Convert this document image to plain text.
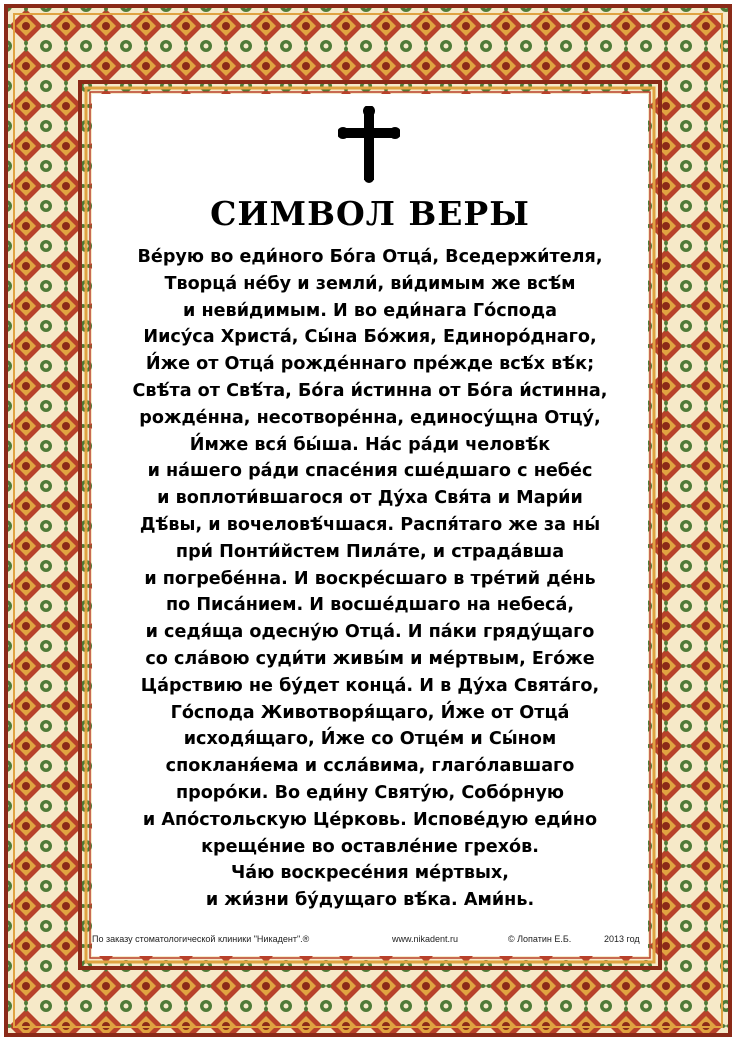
СИМВОЛ ВЕРЫ
Ве́рую во еди́ного Бо́га Отца́, Вседержи́теля,
Творца́ не́бу и земли́, ви́димым же всѣ́м
и неви́димым. И во еди́нага Го́спода
Иису́са Христа́, Сы́на Бо́жия, Единоро́днаго,
И́же от Отца́ рожде́ннаго пре́жде всѣ́х вѣ́к;
Свѣ́та от Свѣ́та, Бо́га и́стинна от Бо́га и́стинна,
рожде́нна, несотворе́нна, единосу́щна Отцу́,
И́мже вся́ бы́ша. На́с ра́ди человѣ́к
и на́шего ра́ди спасе́ния сше́дшаго с небе́с
и воплоти́вшагося от Ду́ха Свя́та и Мари́и
Дѣ́вы, и вочеловѣ́чшася. Распя́таго же за ны́
при́ Понти́йстем Пила́те, и страда́вша
и погребе́нна. И воскре́сшаго в тре́тий де́нь
по Писа́нием. И восше́дшаго на небеса́,
и седя́ща одесну́ю Отца́. И па́ки гряду́щаго
со сла́вою суди́ти живы́м и ме́ртвым, Его́же
Ца́рствию не бу́дет конца́. И в Ду́ха Свята́го,
Го́спода Животворя́щаго, И́же от Отца́
исходя́щаго, И́же со Отце́м и Сы́ном
спокланя́ема и ссла́вима, глаго́лавшаго
проро́ки. Во еди́ну Святу́ю, Собо́рную
и Апо́стольскую Це́рковь. Испове́дую еди́но
креще́ние во оставле́ние грехо́в.
Ча́ю воскресе́ния ме́ртвых,
и жи́зни бу́дущаго вѣ́ка. Ами́нь.
По заказу стоматологической клиники "Никадент".®	www.nikadent.ru	© Лопатин Е.Б.	2013 год
